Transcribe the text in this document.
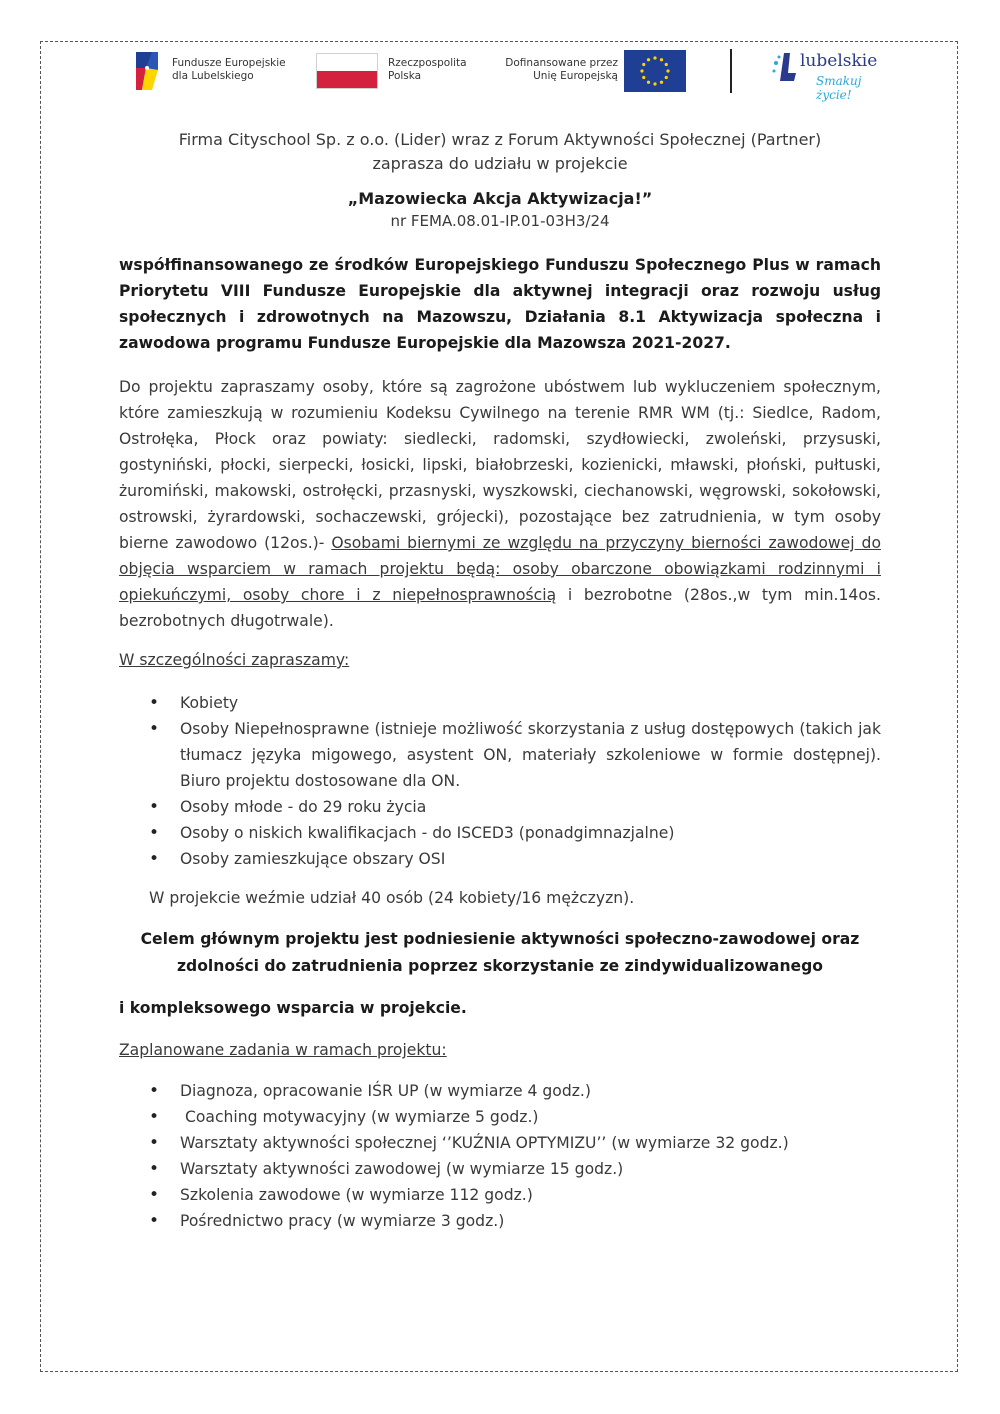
Fundusze Europejskie
dla Lubelskiego
Rzeczpospolita
Polska
Dofinansowane przez
Unię Europejską
lubelskie
Smakuj życie!
Firma Cityschool Sp. z o.o. (Lider) wraz z Forum Aktywności Społecznej (Partner)
zaprasza do udziału w projekcie
„Mazowiecka Akcja Aktywizacja!”
nr FEMA.08.01-IP.01-03H3/24

współfinansowanego ze środków Europejskiego Funduszu Społecznego Plus w ramach Priorytetu VIII Fundusze Europejskie dla aktywnej integracji oraz rozwoju usług społecznych i zdrowotnych na Mazowszu, Działania 8.1 Aktywizacja społeczna i zawodowa programu Fundusze Europejskie dla Mazowsza 2021-2027.

Do projektu zapraszamy osoby, które są zagrożone ubóstwem lub wykluczeniem społecznym, które zamieszkują w rozumieniu Kodeksu Cywilnego na terenie RMR WM (tj.: Siedlce, Radom, Ostrołęka, Płock oraz powiaty: siedlecki, radomski, szydłowiecki, zwoleński, przysuski, gostyniński, płocki, sierpecki, łosicki, lipski, białobrzeski, kozienicki, mławski, płoński, pułtuski, żuromiński, makowski, ostrołęcki, przasnyski, wyszkowski, ciechanowski, węgrowski, sokołowski, ostrowski, żyrardowski, sochaczewski, grójecki), pozostające bez zatrudnienia, w tym osoby bierne zawodowo (12os.)- Osobami biernymi ze względu na przyczyny bierności zawodowej do objęcia wsparciem w ramach projektu będą: osoby obarczone obowiązkami rodzinnymi i opiekuńczymi, osoby chore i z niepełnosprawnością i bezrobotne (28os.,w tym min.14os. bezrobotnych długotrwale).

W szczególności zapraszamy:
• Kobiety
• Osoby Niepełnosprawne (istnieje możliwość skorzystania z usług dostępowych (takich jak tłumacz języka migowego, asystent ON, materiały szkoleniowe w formie dostępnej). Biuro projektu dostosowane dla ON.
• Osoby młode - do 29 roku życia
• Osoby o niskich kwalifikacjach - do ISCED3 (ponadgimnazjalne)
• Osoby zamieszkujące obszary OSI
W projekcie weźmie udział 40 osób (24 kobiety/16 mężczyzn).
Celem głównym projektu jest podniesienie aktywności społeczno-zawodowej oraz
zdolności do zatrudnienia poprzez skorzystanie ze zindywidualizowanego
i kompleksowego wsparcia w projekcie.
Zaplanowane zadania w ramach projektu:
• Diagnoza, opracowanie IŚR UP (w wymiarze 4 godz.)
•  Coaching motywacyjny (w wymiarze 5 godz.)
• Warsztaty aktywności społecznej ‘’KUŹNIA OPTYMIZU’’ (w wymiarze 32 godz.)
• Warsztaty aktywności zawodowej (w wymiarze 15 godz.)
• Szkolenia zawodowe (w wymiarze 112 godz.)
• Pośrednictwo pracy (w wymiarze 3 godz.)
